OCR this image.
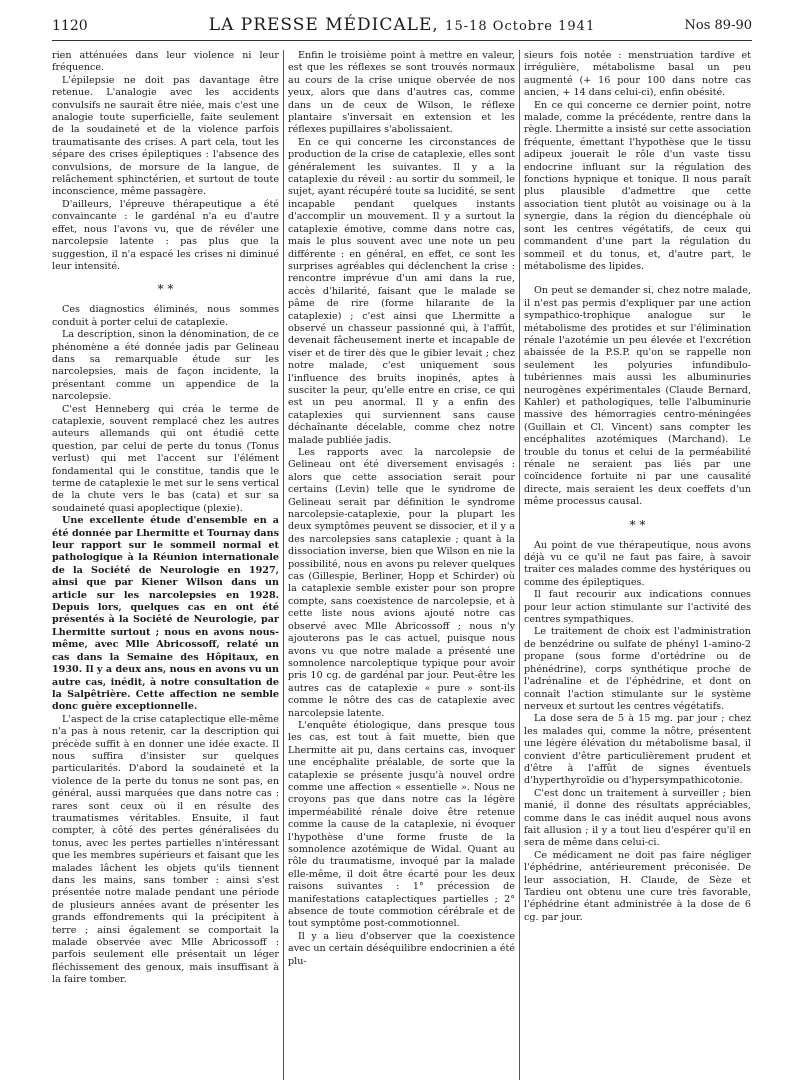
1120	LA PRESSE MÉDICALE, 15-18 Octobre 1941	Nos 89-90

rien atténuées dans leur violence ni leur fréquence.

L'épilepsie ne doit pas davantage être retenue. L'analogie avec les accidents convulsifs ne saurait être niée, mais c'est une analogie toute superficielle, faite seulement de la soudaineté et de la violence parfois traumatisante des crises. A part cela, tout les sépare des crises épileptiques : l'absence des convulsions, de morsure de la langue, de relâchement sphinctérien, et surtout de toute inconscience, même passagère.

D'ailleurs, l'épreuve thérapeutique a été convaincante : le gardénal n'a eu d'autre effet, nous l'avons vu, que de révéler une narcolepsie latente : pas plus que la suggestion, il n'a espacé les crises ni diminué leur intensité.

* *

Ces diagnostics éliminés, nous sommes conduit à porter celui de cataplexie.

La description, sinon la dénomination, de ce phénomène a été donnée jadis par Gelineau dans sa remarquable étude sur les narcolepsies, mais de façon incidente, la présentant comme un appendice de la narcolepsie.

C'est Henneberg qui créa le terme de cataplexie, souvent remplacé chez les autres auteurs allemands qui ont étudié cette question, par celui de perte du tonus (Tonus verlust) qui met l'accent sur l'élément fondamental qui le constitue, tandis que le terme de cataplexie le met sur le sens vertical de la chute vers le bas (cata) et sur sa soudaineté quasi apoplectique (plexie).

Une excellente étude d'ensemble en a été donnée par Lhermitte et Tournay dans leur rapport sur le sommeil normal et pathologique à la Réunion internationale de la Société de Neurologie en 1927, ainsi que par Kiener Wilson dans un article sur les narcolepsies en 1928. Depuis lors, quelques cas en ont été présentés à la Société de Neurologie, par Lhermitte surtout ; nous en avons nous-même, avec Mlle Abricossoff, relaté un cas dans la Semaine des Hôpitaux, en 1930. Il y a deux ans, nous en avons vu un autre cas, inédit, à notre consultation de la Salpêtrière. Cette affection ne semble donc guère exceptionnelle.

L'aspect de la crise cataplectique elle-même n'a pas à nous retenir, car la description qui précède suffit à en donner une idée exacte. Il nous suffira d'insister sur quelques particularités. D'abord la soudaineté et la violence de la perte du tonus ne sont pas, en général, aussi marquées que dans notre cas : rares sont ceux où il en résulte des traumatismes véritables. Ensuite, il faut compter, à côté des pertes généralisées du tonus, avec les pertes partielles n'intéressant que les membres supérieurs et faisant que les malades lâchent les objets qu'ils tiennent dans les mains, sans tomber : ainsi s'est présentée notre malade pendant une période de plusieurs années avant de présenter les grands effondrements qui la précipitent à terre ; ainsi également se comportait la malade observée avec Mlle Abricossoff : parfois seulement elle présentait un léger fléchissement des genoux, mais insuffisant à la faire tomber.

Enfin le troisième point à mettre en valeur, est que les réflexes se sont trouvés normaux au cours de la crise unique obervée de nos yeux, alors que dans d'autres cas, comme dans un de ceux de Wilson, le réflexe plantaire s'inversait en extension et les réflexes pupillaires s'abolissaient.

En ce qui concerne les circonstances de production de la crise de cataplexie, elles sont généralement les suivantes. Il y a la cataplexie du réveil : au sortir du sommeil, le sujet, ayant récupéré toute sa lucidité, se sent incapable pendant quelques instants d'accomplir un mouvement. Il y a surtout la cataplexie émotive, comme dans notre cas, mais le plus souvent avec une note un peu différente : en général, en effet, ce sont les surprises agréables qui déclenchent la crise : rencontre imprévue d'un ami dans la rue, accès d'hilarité, faisant que le malade se pâme de rire (forme hilarante de la cataplexie) ; c'est ainsi que Lhermitte a observé un chasseur passionné qui, à l'affût, devenait fâcheusement inerte et incapable de viser et de tirer dès que le gibier levait ; chez notre malade, c'est uniquement sous l'influence des bruits inopinés, aptes à susciter la peur, qu'elle entre en crise, ce qui est un peu anormal. Il y a enfin des cataplexies qui surviennent sans cause déchaînante décelable, comme chez notre malade publiée jadis.

Les rapports avec la narcolepsie de Gelineau ont été diversement envisagés : alors que cette association serait pour certains (Levin) telle que le syndrome de Gelineau serait par définition le syndrome narcolepsie-cataplexie, pour la plupart les deux symptômes peuvent se dissocier, et il y a des narcolepsies sans cataplexie ; quant à la dissociation inverse, bien que Wilson en nie la possibilité, nous en avons pu relever quelques cas (Gillespie, Berliner, Hopp et Schirder) où la cataplexie semble exister pour son propre compte, sans coexistence de narcolepsie, et à cette liste nous avions ajouté notre cas observé avec Mlle Abricossoff ; nous n'y ajouterons pas le cas actuel, puisque nous avons vu que notre malade a présenté une somnolence narcoleptique typique pour avoir pris 10 cg. de gardénal par jour. Peut-être les autres cas de cataplexie « pure » sont-ils comme le nôtre des cas de cataplexie avec narcolepsie latente.

L'enquête étiologique, dans presque tous les cas, est tout à fait muette, bien que Lhermitte ait pu, dans certains cas, invoquer une encéphalite préalable, de sorte que la cataplexie se présente jusqu'à nouvel ordre comme une affection « essentielle ». Nous ne croyons pas que dans notre cas la légère imperméabilité rénale doive être retenue comme la cause de la cataplexie, ni évoquer l'hypothèse d'une forme fruste de la somnolence azotémique de Widal. Quant au rôle du traumatisme, invoqué par la malade elle-même, il doit être écarté pour les deux raisons suivantes : 1° précession de manifestations cataplectiques partielles ; 2° absence de toute commotion cérébrale et de tout symptôme post-commotionnel.

Il y a lieu d'observer que la coexistence avec un certain déséquilibre endocrinien a été plu-

sieurs fois notée : menstruation tardive et irrégulière, métabolisme basal un peu augmenté (+ 16 pour 100 dans notre cas ancien, + 14 dans celui-ci), enfin obésité.

En ce qui concerne ce dernier point, notre malade, comme la précédente, rentre dans la règle. Lhermitte a insisté sur cette association fréquente, émettant l'hypothèse que le tissu adipeux jouerait le rôle d'un vaste tissu endocrine influant sur la régulation des fonctions hypnique et tonique. Il nous paraît plus plausible d'admettre que cette association tient plutôt au voisinage ou à la synergie, dans la région du diencéphale où sont les centres végétatifs, de ceux qui commandent d'une part la régulation du sommeil et du tonus, et, d'autre part, le métabolisme des lipides.

On peut se demander si, chez notre malade, il n'est pas permis d'expliquer par une action sympathico-trophique analogue sur le métabolisme des protides et sur l'élimination rénale l'azotémie un peu élevée et l'excrétion abaissée de la P.S.P. qu'on se rappelle non seulement les polyuries infundibulo-tubériennes mais aussi les albuminuries neurogènes expérimentales (Claude Bernard, Kahler) et pathologiques, telle l'albuminurie massive des hémorragies centro-méningées (Guillain et Cl. Vincent) sans compter les encéphalites azotémiques (Marchand). Le trouble du tonus et celui de la perméabilité rénale ne seraient pas liés par une coïncidence fortuite ni par une causalité directe, mais seraient les deux coeffets d'un même processus causal.

* *

Au point de vue thérapeutique, nous avons déjà vu ce qu'il ne faut pas faire, à savoir traiter ces malades comme des hystériques ou comme des épileptiques.

Il faut recourir aux indications connues pour leur action stimulante sur l'activité des centres sympathiques.

Le traitement de choix est l'administration de benzédrine ou sulfate de phényl 1-amino-2 propane (sous forme d'ortédrine ou de phénédrine), corps synthétique proche de l'adrénaline et de l'éphédrine, et dont on connaît l'action stimulante sur le système nerveux et surtout les centres végétatifs.

La dose sera de 5 à 15 mg. par jour ; chez les malades qui, comme la nôtre, présentent une légère élévation du métabolisme basal, il convient d'être particulièrement prudent et d'être à l'affût de signes éventuels d'hyperthyroïdie ou d'hypersympathicotonie.

C'est donc un traitement à surveiller ; bien manié, il donne des résultats appréciables, comme dans le cas inédit auquel nous avons fait allusion ; il y a tout lieu d'espérer qu'il en sera de même dans celui-ci.

Ce médicament ne doit pas faire négliger l'éphédrine, antérieurement préconisée. De leur association, H. Claude, de Sèze et Tardieu ont obtenu une cure très favorable, l'éphédrine étant administrée à la dose de 6 cg. par jour.
